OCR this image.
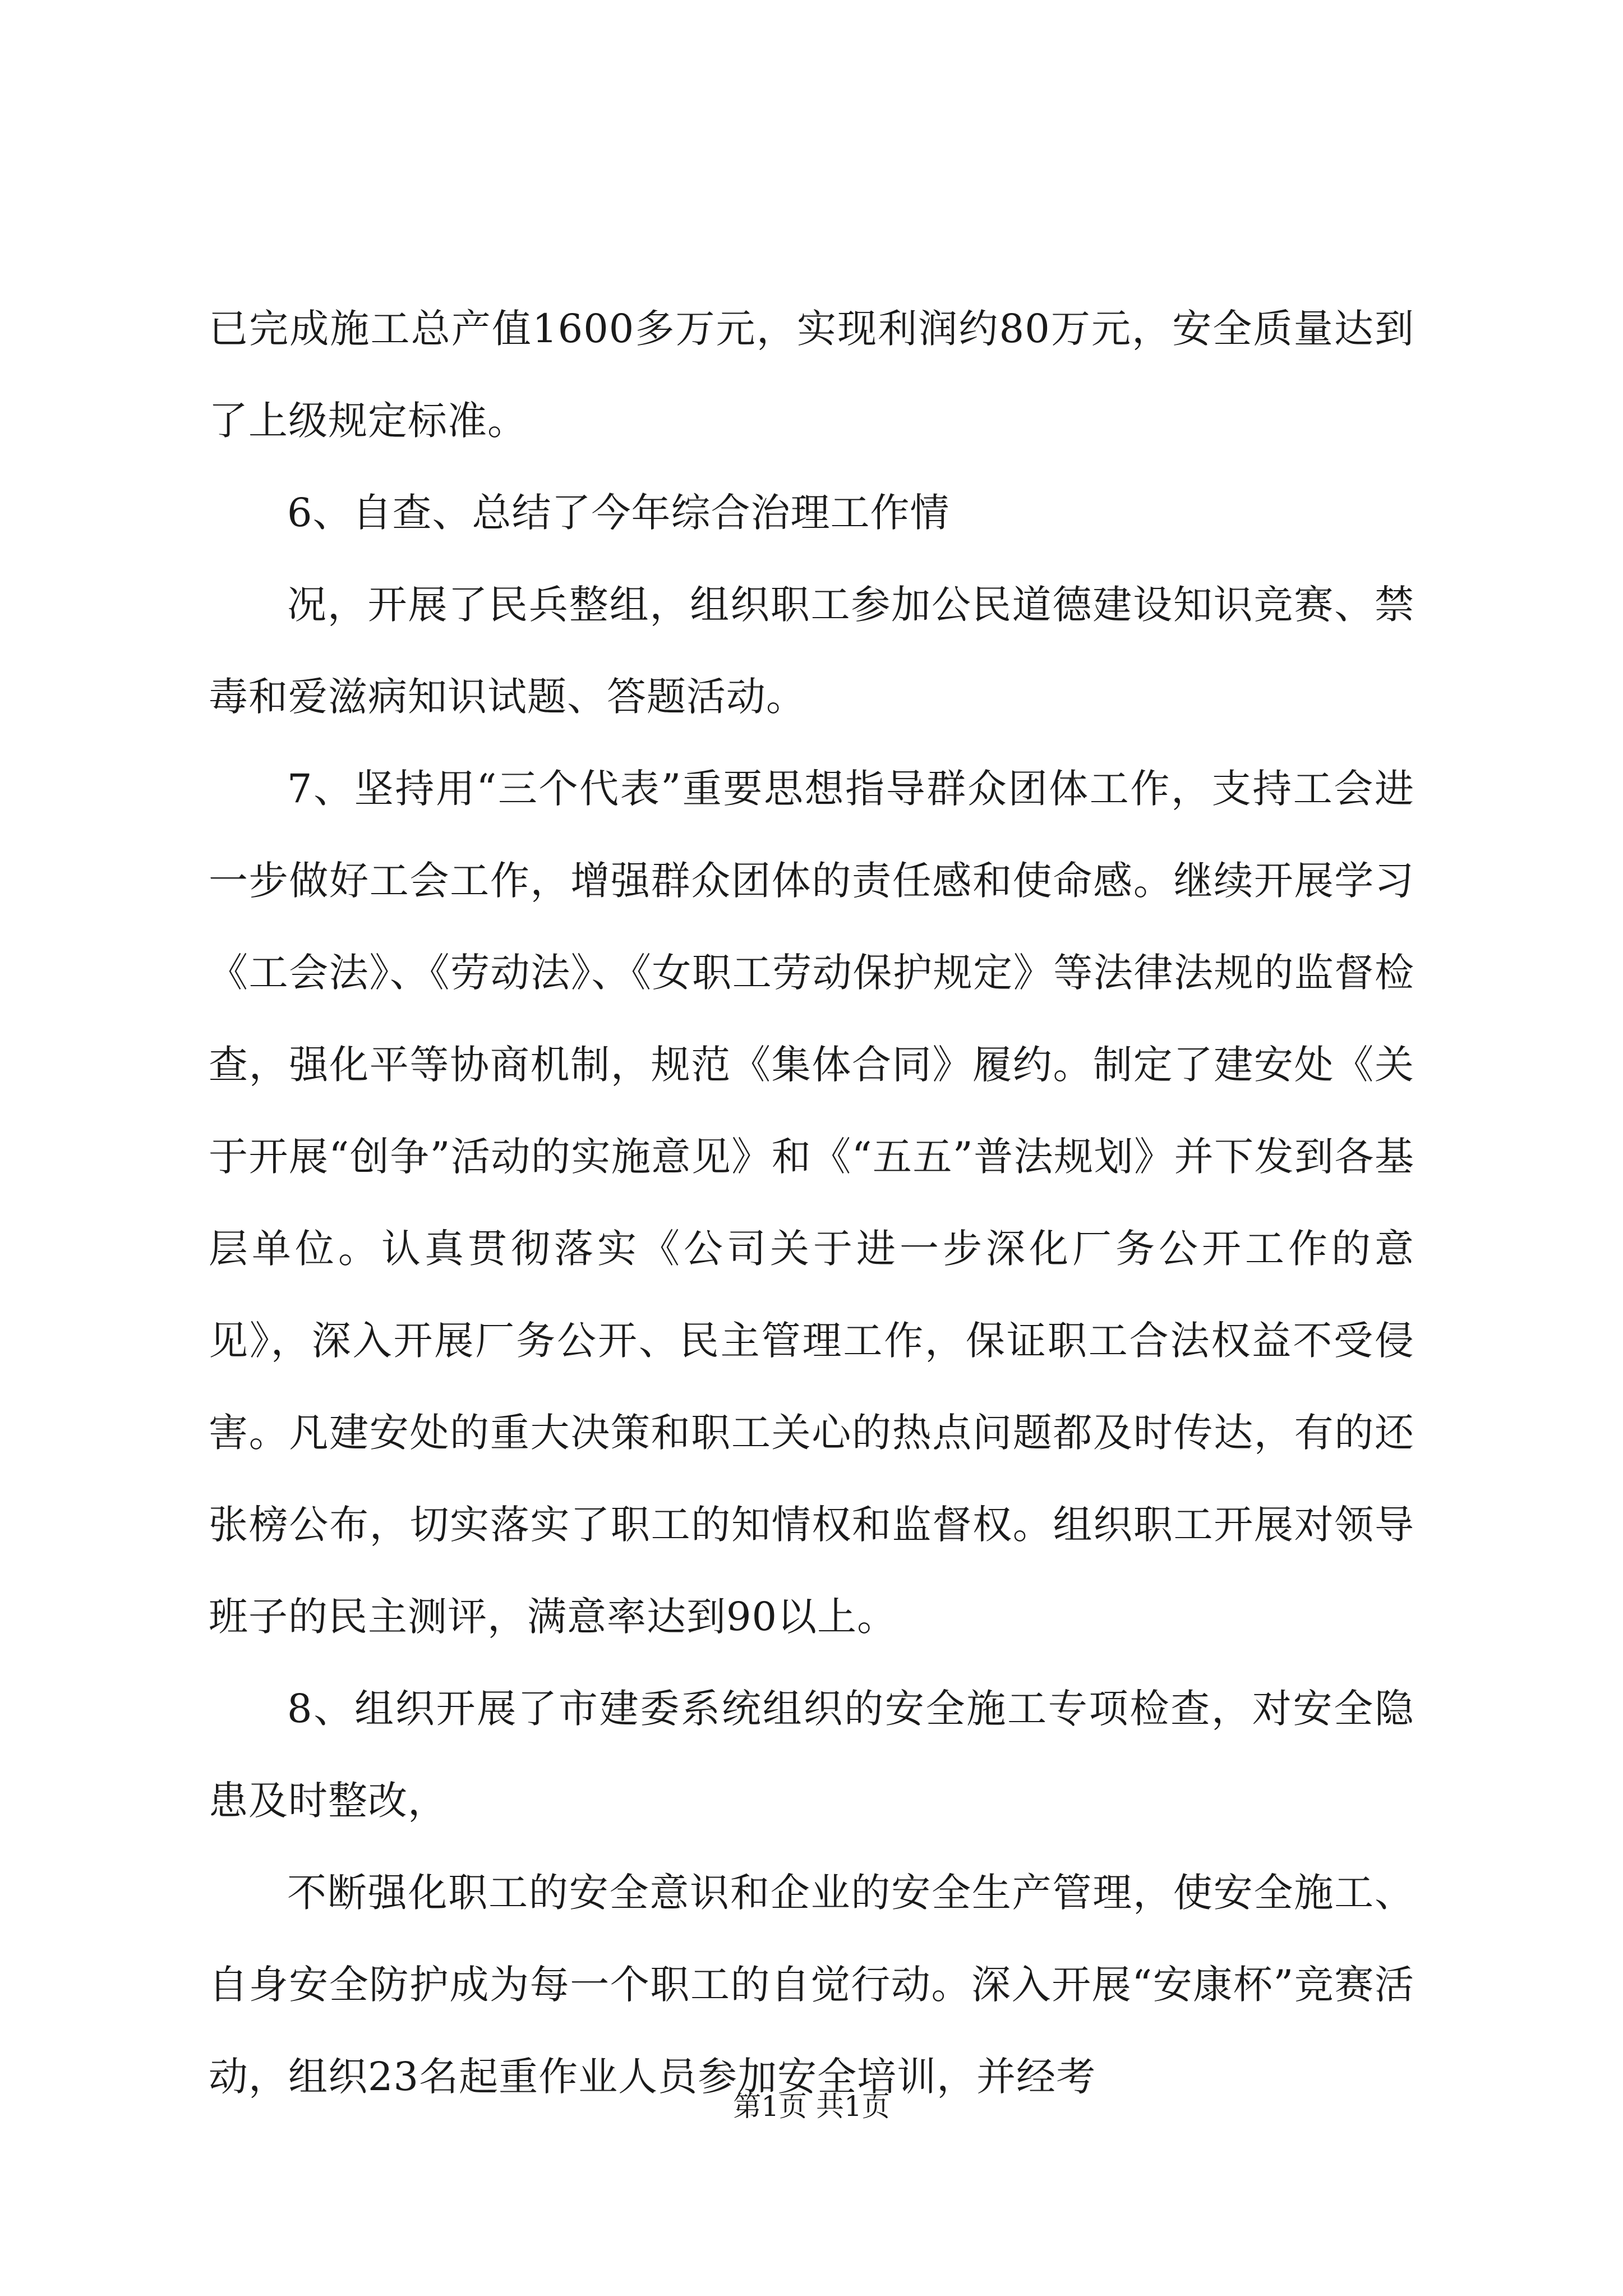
已完成施工总产值1600多万元，实现利润约80万元，安全质量达到了上级规定标准。

6、自查、总结了今年综合治理工作情

况，开展了民兵整组，组织职工参加公民道德建设知识竞赛、禁毒和爱滋病知识试题、答题活动。

7、坚持用“三个代表”重要思想指导群众团体工作，支持工会进一步做好工会工作，增强群众团体的责任感和使命感。继续开展学习《工会法》、《劳动法》、《女职工劳动保护规定》等法律法规的监督检查，强化平等协商机制，规范《集体合同》履约。制定了建安处《关于开展“创争”活动的实施意见》和《“五五”普法规划》并下发到各基层单位。认真贯彻落实《公司关于进一步深化厂务公开工作的意见》，深入开展厂务公开、民主管理工作，保证职工合法权益不受侵害。凡建安处的重大决策和职工关心的热点问题都及时传达，有的还张榜公布，切实落实了职工的知情权和监督权。组织职工开展对领导班子的民主测评，满意率达到90以上。

8、组织开展了市建委系统组织的安全施工专项检查，对安全隐患及时整改，

不断强化职工的安全意识和企业的安全生产管理，使安全施工、自身安全防护成为每一个职工的自觉行动。深入开展“安康杯”竞赛活动，组织23名起重作业人员参加安全培训，并经考

第1页 共1页
